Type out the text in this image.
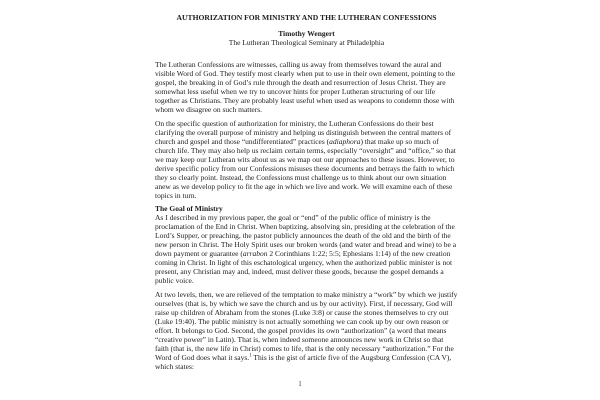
AUTHORIZATION FOR MINISTRY AND THE LUTHERAN CONFESSIONS
Timothy Wengert
The Lutheran Theological Seminary at Philadelphia

The Lutheran Confessions are witnesses, calling us away from themselves toward the aural and visible Word of God. They testify most clearly when put to use in their own element, pointing to the gospel, the breaking in of God’s rule through the death and resurrection of Jesus Christ. They are somewhat less useful when we try to uncover hints for proper Lutheran structuring of our life together as Christians. They are probably least useful when used as weapons to condemn those with whom we disagree on such matters.

On the specific question of authorization for ministry, the Lutheran Confessions do their best clarifying the overall purpose of ministry and helping us distinguish between the central matters of church and gospel and those “undifferentiated” practices (adiaphora) that make up so much of church life. They may also help us reclaim certain terms, especially “oversight” and “office,” so that we may keep our Lutheran wits about us as we map out our approaches to these issues. However, to derive specific policy from our Confessions misuses these documents and betrays the faith to which they so clearly point. Instead, the Confessions must challenge us to think about our own situation anew as we develop policy to fit the age in which we live and work. We will examine each of these topics in turn.

The Goal of Ministry

As I described in my previous paper, the goal or “end” of the public office of ministry is the proclamation of the End in Christ. When baptizing, absolving sin, presiding at the celebration of the Lord’s Supper, or preaching, the pastor publicly announces the death of the old and the birth of the new person in Christ. The Holy Spirit uses our broken words (and water and bread and wine) to be a down payment or guarantee (arrabon 2 Corinthians 1:22; 5:5; Ephesians 1:14) of the new creation coming in Christ. In light of this eschatological urgency, when the authorized public minister is not present, any Christian may and, indeed, must deliver these goods, because the gospel demands a public voice.

At two levels, then, we are relieved of the temptation to make ministry a “work” by which we justify ourselves (that is, by which we save the church and us by our activity). First, if necessary, God will raise up children of Abraham from the stones (Luke 3:8) or cause the stones themselves to cry out (Luke 19:40). The public ministry is not actually something we can cook up by our own reason or effort. It belongs to God. Second, the gospel provides its own “authorization” (a word that means “creative power” in Latin). That is, when indeed someone announces new work in Christ so that faith (that is, the new life in Christ) comes to life, that is the only necessary “authorization.” For the Word of God does what it says.$^1$ This is the gist of article five of the Augsburg Confession (CA V), which states:

1
